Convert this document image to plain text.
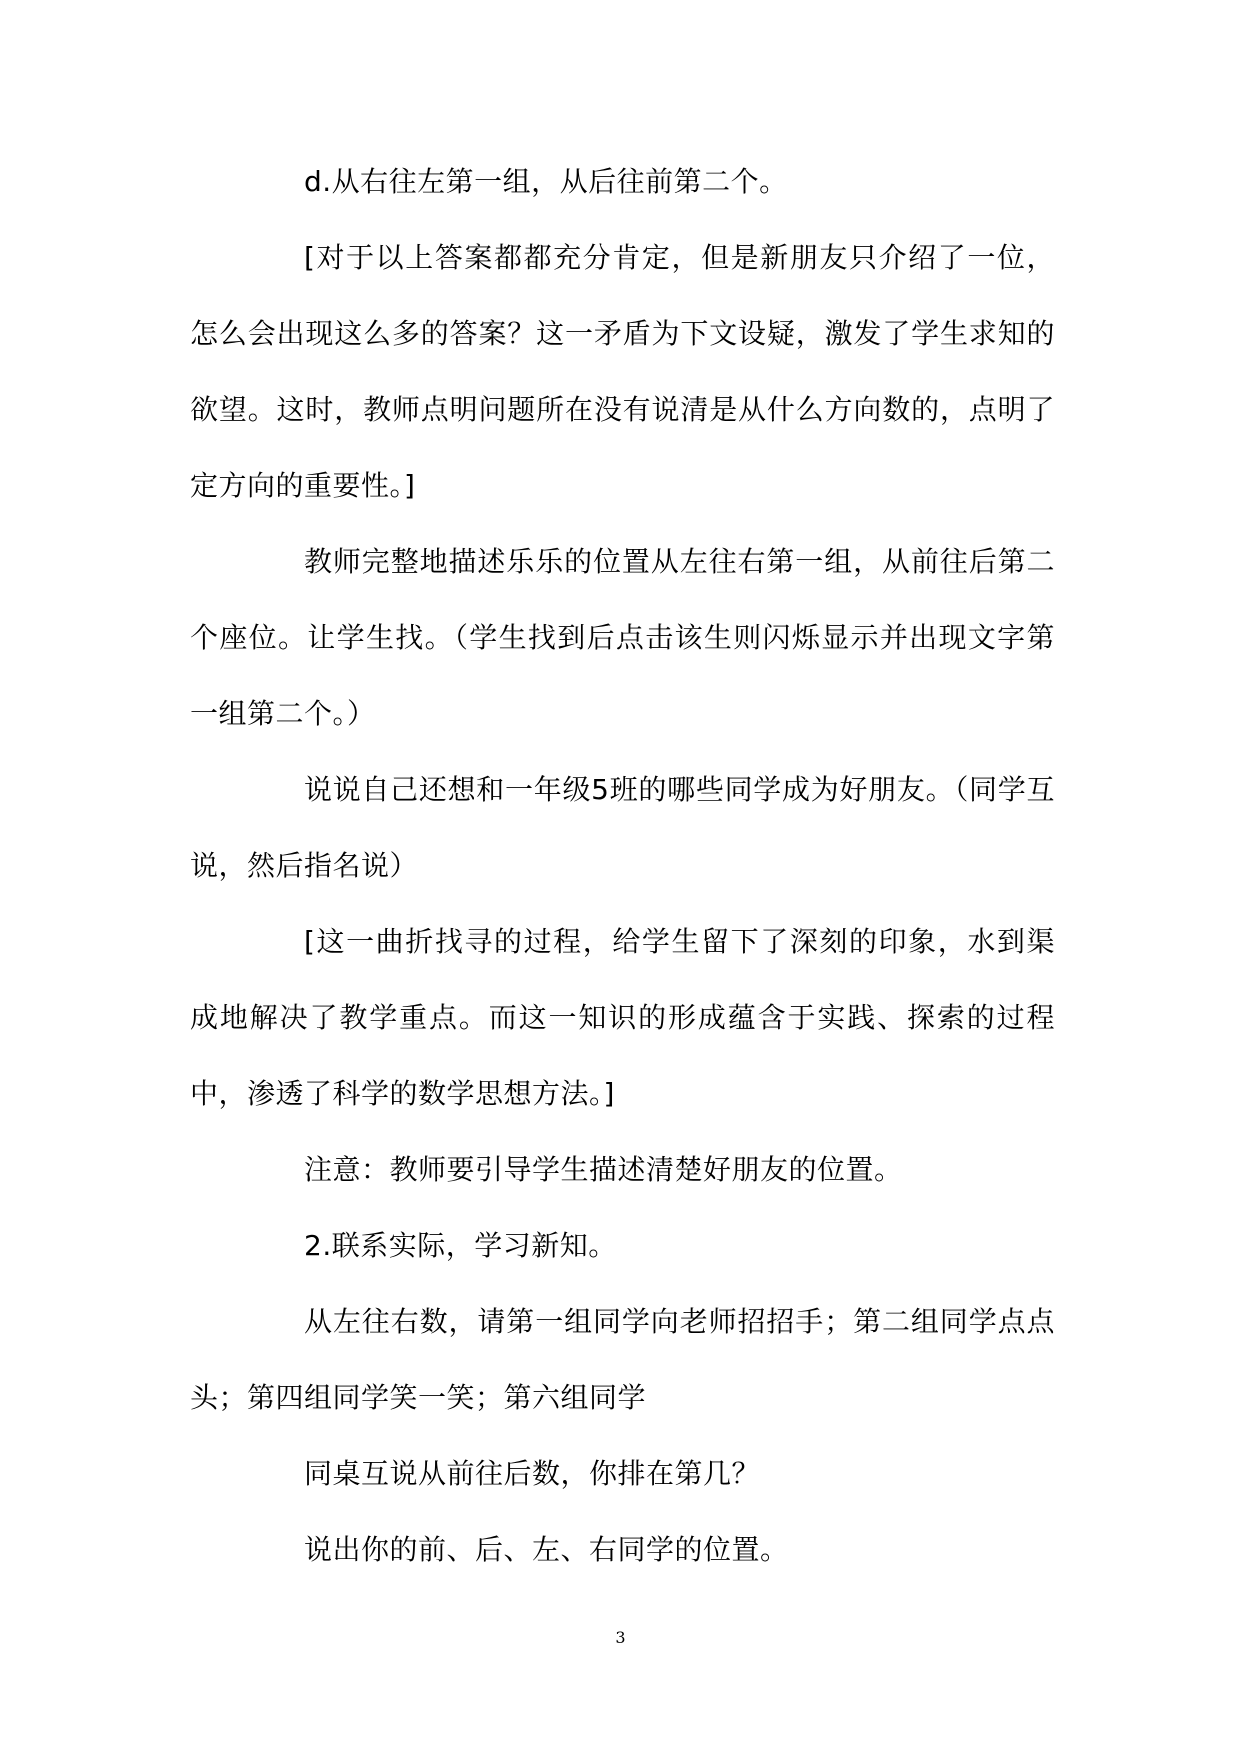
d.从右往左第一组，从后往前第二个。

[对于以上答案都都充分肯定，但是新朋友只介绍了一位，怎么会出现这么多的答案？这一矛盾为下文设疑，激发了学生求知的欲望。这时，教师点明问题所在没有说清是从什么方向数的，点明了定方向的重要性。]

教师完整地描述乐乐的位置从左往右第一组，从前往后第二个座位。让学生找。（学生找到后点击该生则闪烁显示并出现文字第一组第二个。）

说说自己还想和一年级5班的哪些同学成为好朋友。（同学互说，然后指名说）

[这一曲折找寻的过程，给学生留下了深刻的印象，水到渠成地解决了教学重点。而这一知识的形成蕴含于实践、探索的过程中，渗透了科学的数学思想方法。]

注意：教师要引导学生描述清楚好朋友的位置。

2.联系实际，学习新知。

从左往右数，请第一组同学向老师招招手；第二组同学点点头；第四组同学笑一笑；第六组同学

同桌互说从前往后数，你排在第几？

说出你的前、后、左、右同学的位置。

3
